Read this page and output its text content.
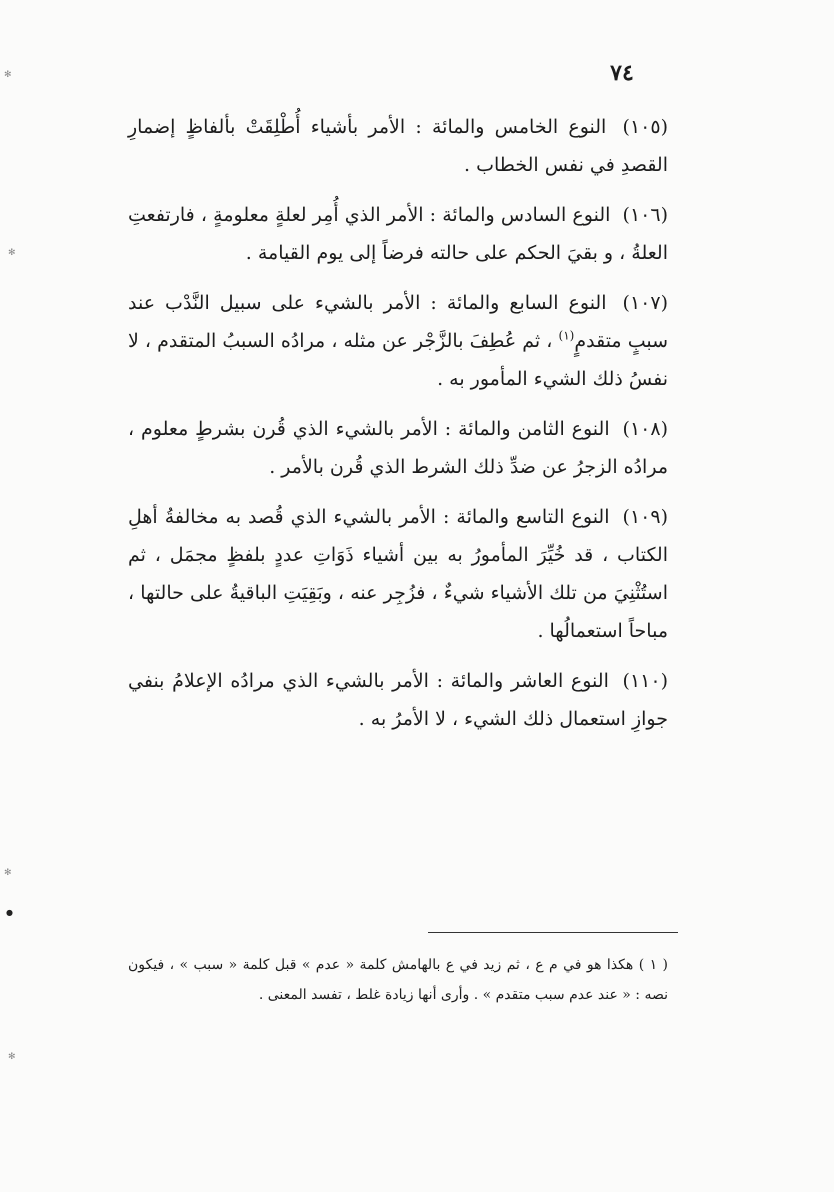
٧٤

(١٠٥) النوع الخامس والمائة : الأمر بأشياء أُطْلِقَتْ بألفاظٍ إضمارِ القصدِ في نفس الخطاب .

(١٠٦) النوع السادس والمائة : الأمر الذي أُمِر لعلةٍ معلومةٍ ، فارتفعتِ العلةُ ، و بقيَ الحكم على حالته فرضاً إلى يوم القيامة .

(١٠٧) النوع السابع والمائة : الأمر بالشيء على سبيل النَّدْب عند سببٍ متقدمٍ$^{(١)}$ ، ثم عُطِفَ بالزَّجْر عن مثله ، مرادُه السببُ المتقدم ، لا نفسُ ذلك الشيء المأمور به .

(١٠٨) النوع الثامن والمائة : الأمر بالشيء الذي قُرن بشرطٍ معلوم ، مرادُه الزجرُ عن ضدِّ ذلك الشرط الذي قُرن بالأمر .

(١٠٩) النوع التاسع والمائة : الأمر بالشيء الذي قُصد به مخالفةُ أهلِ الكتاب ، قد خُيِّرَ المأمورُ به بين أشياء ذَوَاتِ عددٍ بلفظٍ مجمَل ، ثم استُثْنِيَ من تلك الأشياء شيءٌ ، فزُجِر عنه ، وبَقِيَتِ الباقيةُ على حالتها ، مباحاً استعمالُها .

(١١٠) النوع العاشر والمائة : الأمر بالشيء الذي مرادُه الإعلامُ بنفي جوازِ استعمال ذلك الشيء ، لا الأمرُ به .

( ١ ) هكذا هو في م ع ، ثم زيد في ع بالهامش كلمة « عدم » قبل كلمة « سبب » ، فيكون نصه : « عند عدم سبب متقدم » . وأرى أنها زيادة غلط ، تفسد المعنى .
✻
✻
✻
●
✻
